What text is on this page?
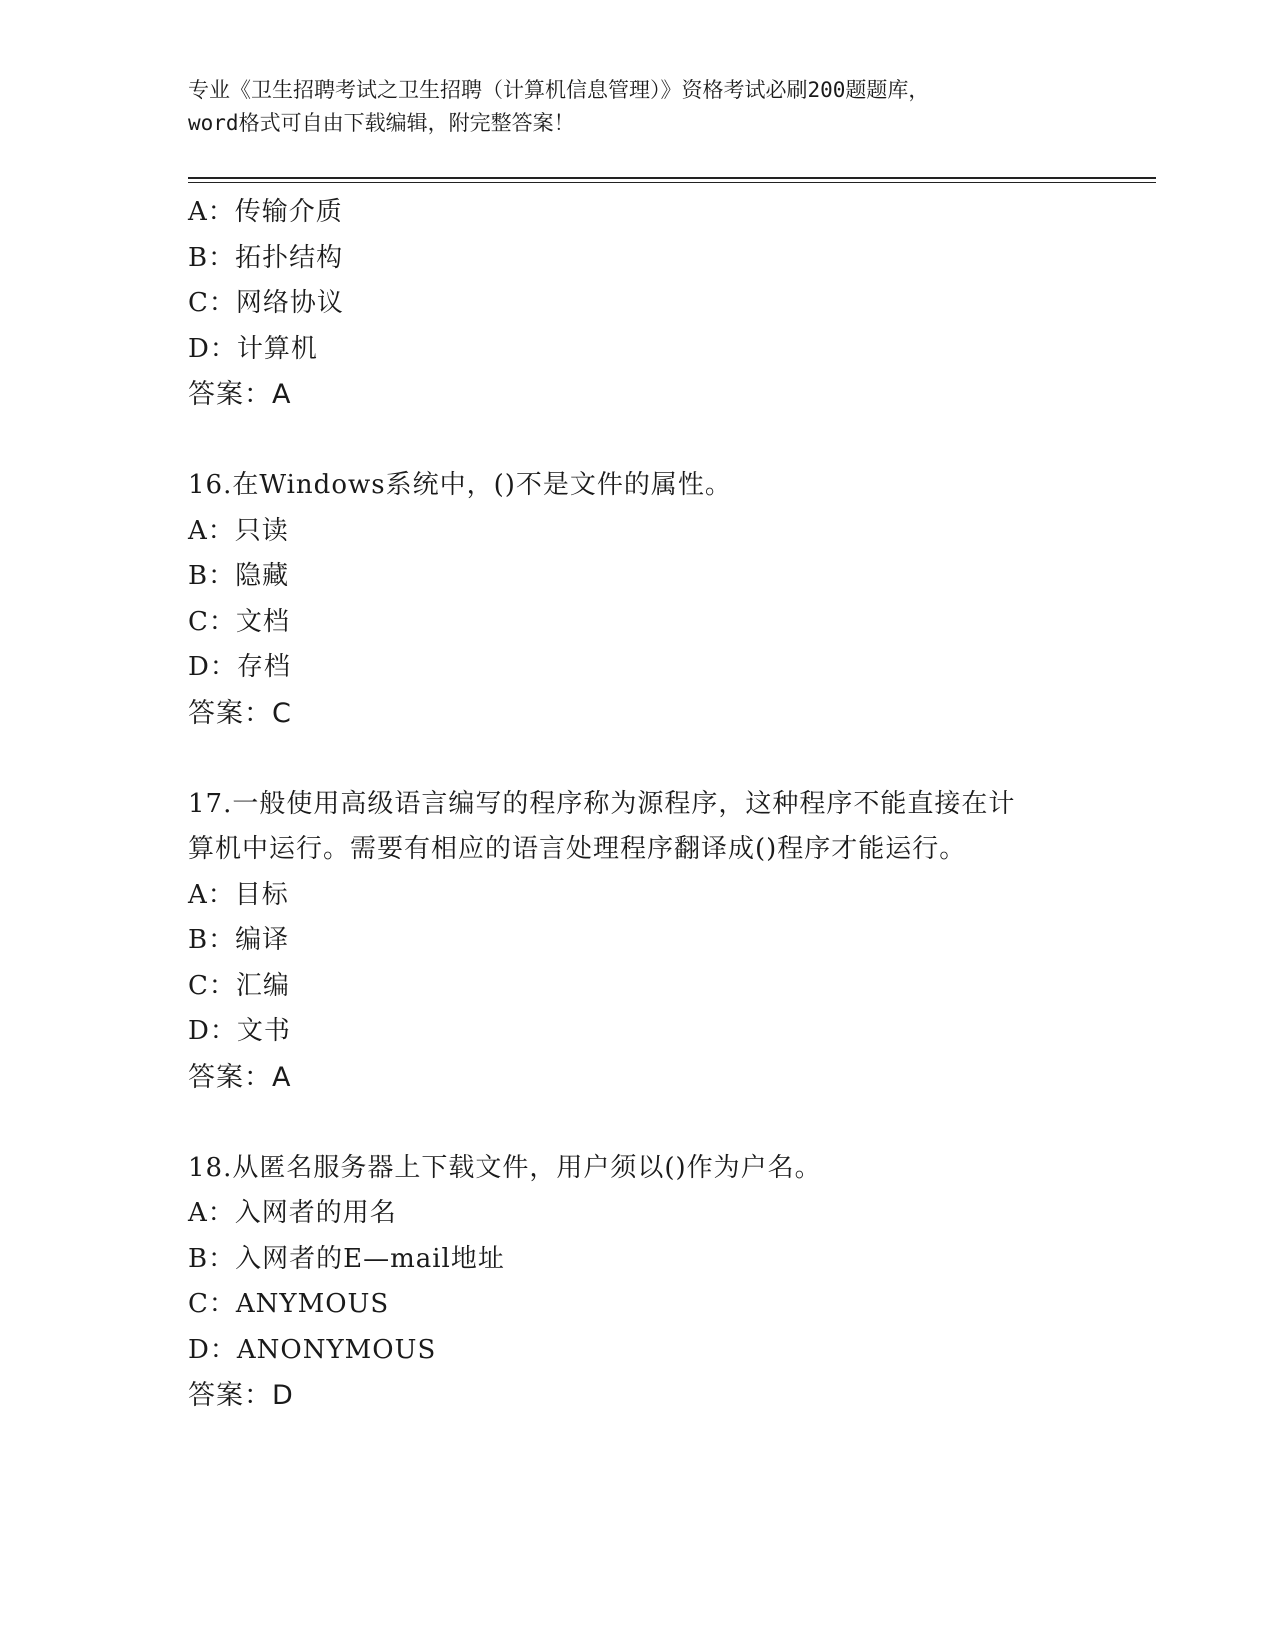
专业《卫生招聘考试之卫生招聘（计算机信息管理）》资格考试必刷200题题库，
word格式可自由下载编辑，附完整答案！
A：传输介质
B：拓扑结构
C：网络协议
D：计算机
答案：A
16.在Windows系统中，()不是文件的属性。
A：只读
B：隐藏
C：文档
D：存档
答案：C
17.一般使用高级语言编写的程序称为源程序，这种程序不能直接在计
算机中运行。需要有相应的语言处理程序翻译成()程序才能运行。
A：目标
B：编译
C：汇编
D：文书
答案：A
18.从匿名服务器上下载文件，用户须以()作为户名。
A：入网者的用名
B：入网者的E—mail地址
C：ANYMOUS
D：ANONYMOUS
答案：D
